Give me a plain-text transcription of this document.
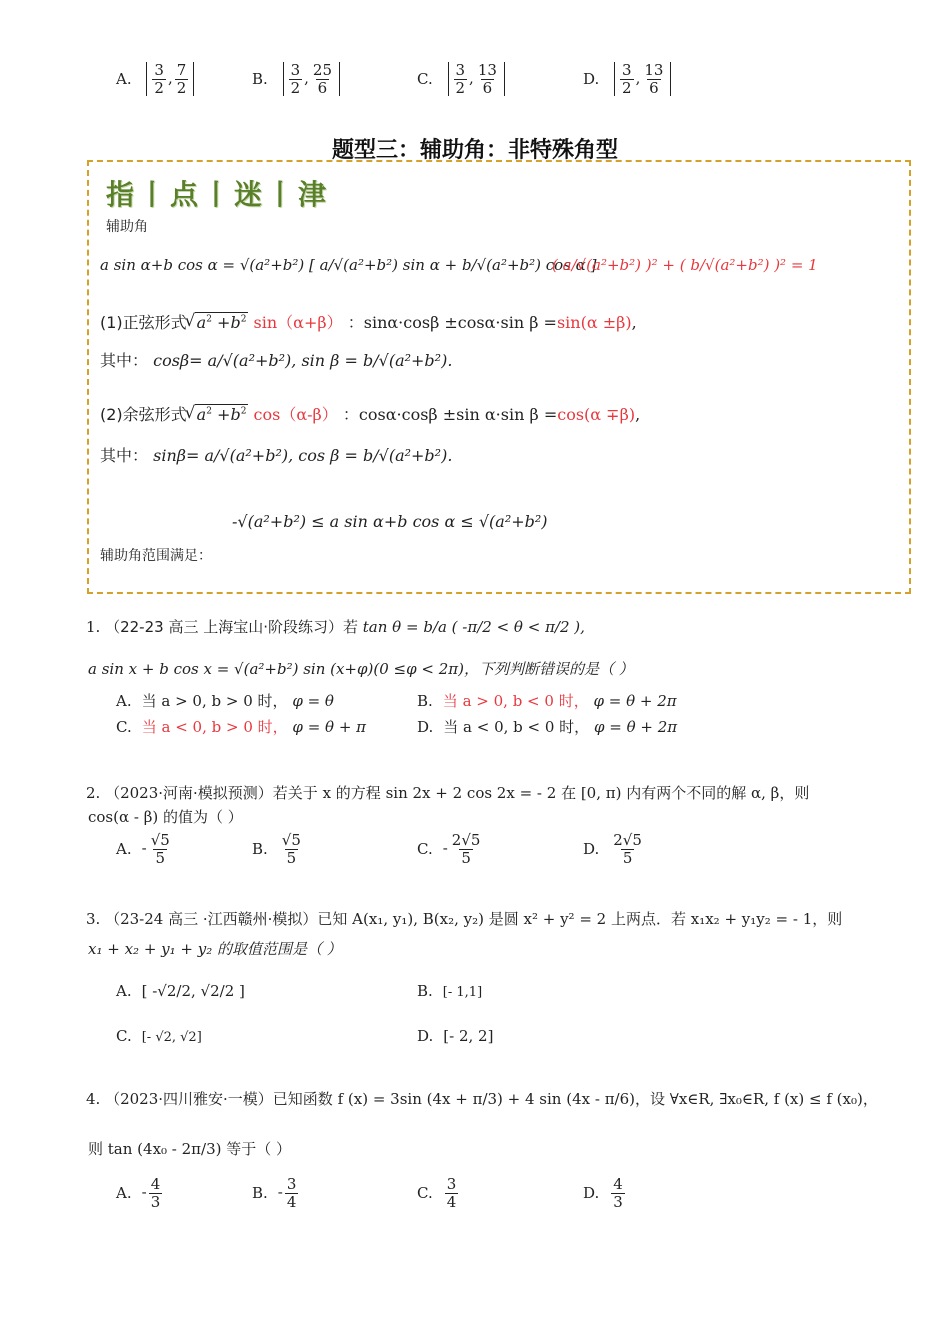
A. $\frac{3}{2}$ , $\frac{7}{2}$	B. $\frac{3}{2}$ , $\frac{25}{6}$	C. $\frac{3}{2}$ , $\frac{13}{6}$	D. $\frac{3}{2}$ , $\frac{13}{6}$
题型三：辅助角：非特殊角型
指丨点丨迷丨津
辅助角
a sin α+b cos α = √(a²+b²) [ a/√(a²+b²) sin α + b/√(a²+b²) cos α ]
( a/√(a²+b²) )² + ( b/√(a²+b²) )² = 1
(1)正弦形式 √ $a^2 +b^2$ sin（α+β） ：sinα·cosβ ±cosα·sin β =sin(α ±β),
其中： cosβ= a/√(a²+b²), sin β = b/√(a²+b²).
(2)余弦形式 √ $a^2 +b^2$ cos（α-β） ：cosα·cosβ ±sin α·sin β =cos(α ∓β),
其中： sinβ= a/√(a²+b²), cos β = b/√(a²+b²).
-√(a²+b²) ≤ a sin α+b cos α ≤ √(a²+b²)
辅助角范围满足：
1. （22-23 高三 上海宝山·阶段练习）若 tan θ = b/a ( -π/2 < θ < π/2 ),
a sin x + b cos x = √(a²+b²) sin (x+φ)(0 ≤φ < 2π)，下列判断错误的是（ ）
A. 当 a > 0, b > 0 时， φ = θ	B. 当 a > 0, b < 0 时， φ = θ + 2π
C. 当 a < 0, b > 0 时， φ = θ + π	D. 当 a < 0, b < 0 时， φ = θ + 2π
2. （2023·河南·模拟预测）若关于 x 的方程 sin 2x + 2 cos 2x = - 2 在 [0, π) 内有两个不同的解 α, β，则
cos(α - β) 的值为（ ）
A. - $\frac{√5}{5}$	B. $\frac{√5}{5}$	C. - $\frac{2√5}{5}$	D. $\frac{2√5}{5}$
3. （23-24 高三 ·江西赣州·模拟）已知 A(x₁, y₁), B(x₂, y₂) 是圆 x² + y² = 2 上两点．若 x₁x₂ + y₁y₂ = - 1，则
x₁ + x₂ + y₁ + y₂ 的取值范围是（ ）
A. [ -√2/2, √2/2 ]	B. [- 1,1]
C. [- √2, √2]	D. [- 2, 2]
4. （2023·四川雅安·一模）已知函数 f (x) = 3sin (4x + π/3) + 4 sin (4x - π/6)，设 ∀x∈R, ∃x₀∈R, f (x) ≤ f (x₀)，
则 tan (4x₀ - 2π/3) 等于（ ）
A. - $\frac{4}{3}$	B. - $\frac{3}{4}$	C. $\frac{3}{4}$	D. $\frac{4}{3}$
